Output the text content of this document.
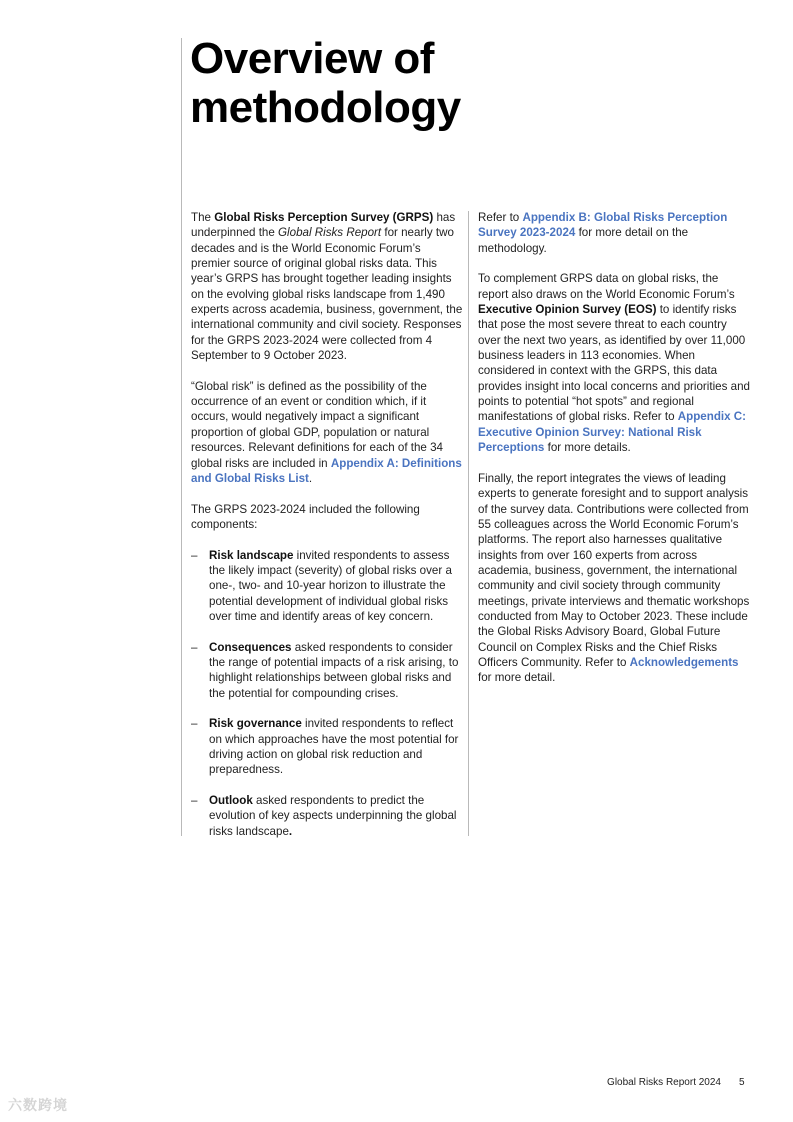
Overview of methodology

The Global Risks Perception Survey (GRPS) has underpinned the Global Risks Report for nearly two decades and is the World Economic Forum’s premier source of original global risks data. This year’s GRPS has brought together leading insights on the evolving global risks landscape from 1,490 experts across academia, business, government, the international community and civil society. Responses for the GRPS 2023-2024 were collected from 4 September to 9 October 2023.

“Global risk” is defined as the possibility of the occurrence of an event or condition which, if it occurs, would negatively impact a significant proportion of global GDP, population or natural resources. Relevant definitions for each of the 34 global risks are included in Appendix A: Definitions and Global Risks List.

The GRPS 2023-2024 included the following components:

– Risk landscape invited respondents to assess the likely impact (severity) of global risks over a one-, two- and 10-year horizon to illustrate the potential development of individual global risks over time and identify areas of key concern.
– Consequences asked respondents to consider the range of potential impacts of a risk arising, to highlight relationships between global risks and the potential for compounding crises.
– Risk governance invited respondents to reflect on which approaches have the most potential for driving action on global risk reduction and preparedness.
– Outlook asked respondents to predict the evolution of key aspects underpinning the global risks landscape.

Refer to Appendix B: Global Risks Perception Survey 2023-2024 for more detail on the methodology.

To complement GRPS data on global risks, the report also draws on the World Economic Forum’s Executive Opinion Survey (EOS) to identify risks that pose the most severe threat to each country over the next two years, as identified by over 11,000 business leaders in 113 economies. When considered in context with the GRPS, this data provides insight into local concerns and priorities and points to potential “hot spots” and regional manifestations of global risks. Refer to Appendix C: Executive Opinion Survey: National Risk Perceptions for more details.

Finally, the report integrates the views of leading experts to generate foresight and to support analysis of the survey data. Contributions were collected from 55 colleagues across the World Economic Forum’s platforms. The report also harnesses qualitative insights from over 160 experts from across academia, business, government, the international community and civil society through community meetings, private interviews and thematic workshops conducted from May to October 2023. These include the Global Risks Advisory Board, Global Future Council on Complex Risks and the Chief Risks Officers Community. Refer to Acknowledgements for more detail.

Global Risks Report 2024 5
六数跨境
